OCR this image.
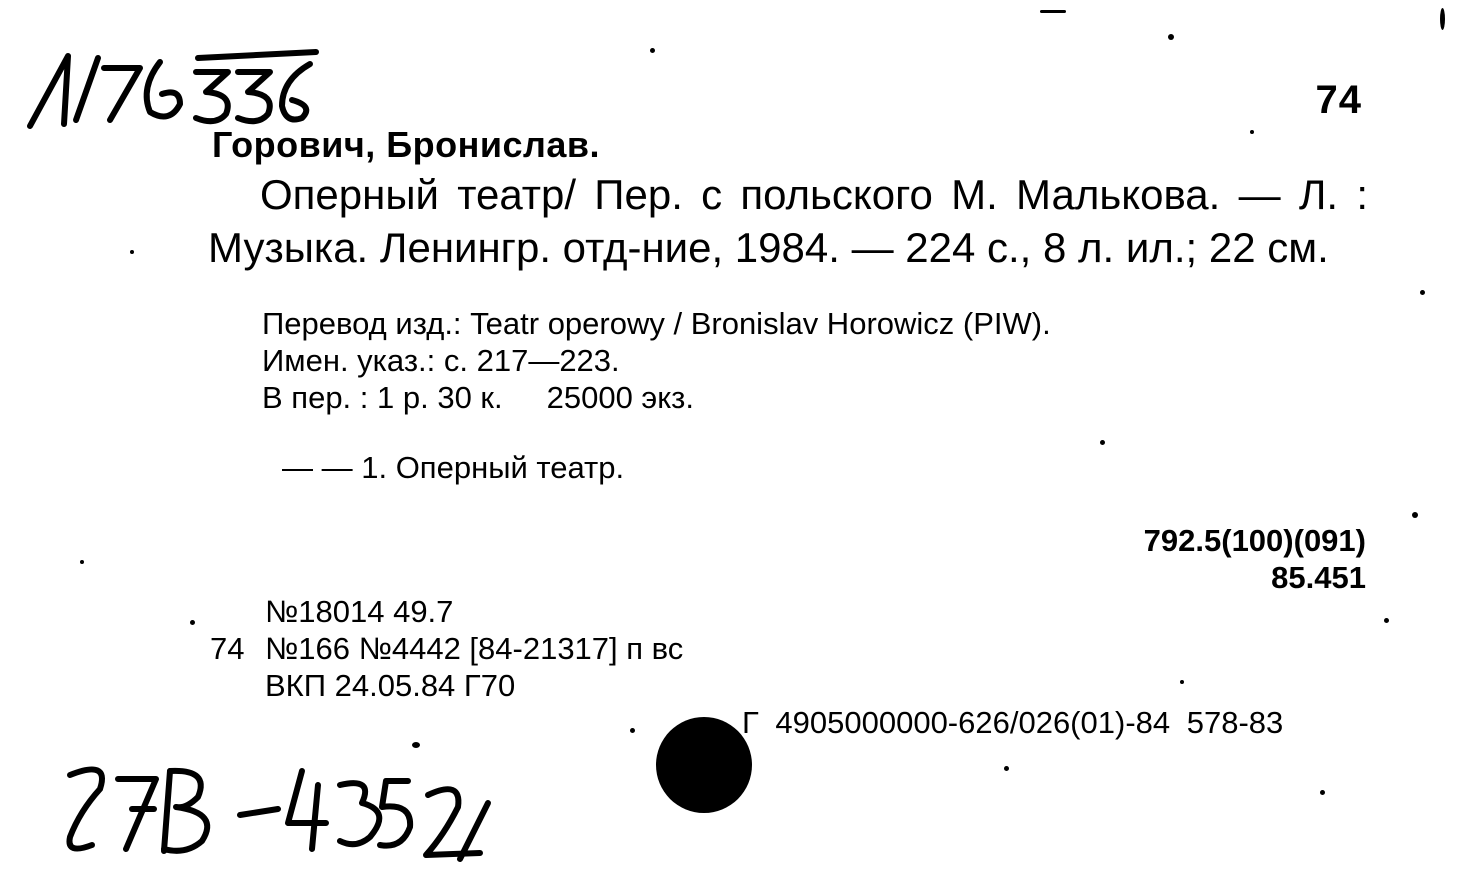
74
Горович, Бронислав.
Оперный театр/ Пер. с польского М. Малькова. — Л. : Музыка. Ленингр. отд-ние, 1984. — 224 с., 8 л. ил.; 22 см.
Перевод изд.: Teatr operowy / Bronislav Horowicz (PIW).
Имен. указ.: с. 217—223.
В пер. : 1 р. 30 к. 25000 экз.
— — 1. Оперный театр.
792.5(100)(091)
85.451
№18014 49.7
74 №166 №4442 [84-21317] п вс
ВКП 24.05.84 Г70
Г 4905000000-626/026(01)-84 578-83
